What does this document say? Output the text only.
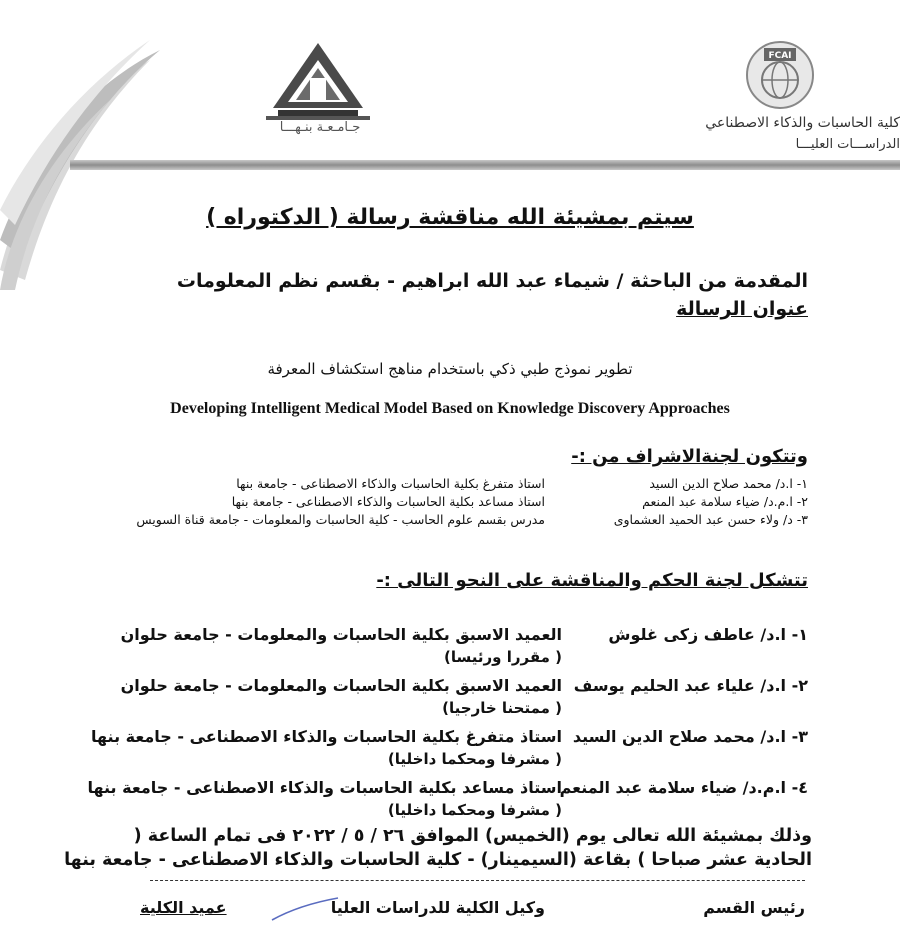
جـامـعـة بنـهـــا
FCAI
كلية الحاسبات والذكاء الاصطناعي
الدراســـات العليـــا
سيتم بمشيئة الله مناقشة رسالة ( الدكتوراه )
المقدمة من الباحثة / شيماء عبد الله ابراهيم - بقسم نظم المعلومات
عنوان الرسالة
تطوير نموذج طبي ذكي باستخدام مناهج استكشاف المعرفة
Developing Intelligent Medical Model Based on Knowledge Discovery Approaches
وتتكون لجنةالاشراف من :-
١- ا.د/ محمد صلاح الدين السيد
استاذ متفرغ بكلية الحاسبات والذكاء الاصطناعى - جامعة بنها
٢- ا.م.د/ ضياء سلامة عبد المنعم
استاذ مساعد بكلية الحاسبات والذكاء الاصطناعى - جامعة بنها
٣- د/ ولاء حسن عبد الحميد العشماوى
مدرس بقسم علوم الحاسب - كلية الحاسبات والمعلومات - جامعة قناة السويس
تتشكل لجنة الحكم والمناقشة على النحو التالى :-
١- ا.د/ عاطف زكى غلوش
العميد الاسبق بكلية الحاسبات والمعلومات - جامعة حلوان
( مقررا ورئيسا)
٢- ا.د/ علياء عبد الحليم يوسف
العميد الاسبق بكلية الحاسبات والمعلومات - جامعة حلوان
( ممتحنا خارجيا)
٣- ا.د/ محمد صلاح الدين السيد
استاذ متفرغ بكلية الحاسبات والذكاء الاصطناعى - جامعة بنها
( مشرفا ومحكما داخليا)
٤- ا.م.د/ ضياء سلامة عبد المنعم
استاذ مساعد بكلية الحاسبات والذكاء الاصطناعى - جامعة بنها
( مشرفا ومحكما داخليا)
وذلك بمشيئة الله تعالى يوم (الخميس) الموافق ٢٦ / ٥ / ٢٠٢٢ فى تمام الساعة (
الحادية عشر صباحا ) بقاعة (السيمينار) - كلية الحاسبات والذكاء الاصطناعى - جامعة بنها
رئيس القسم
وكيل الكلية للدراسات العليا
عميد الكلية
